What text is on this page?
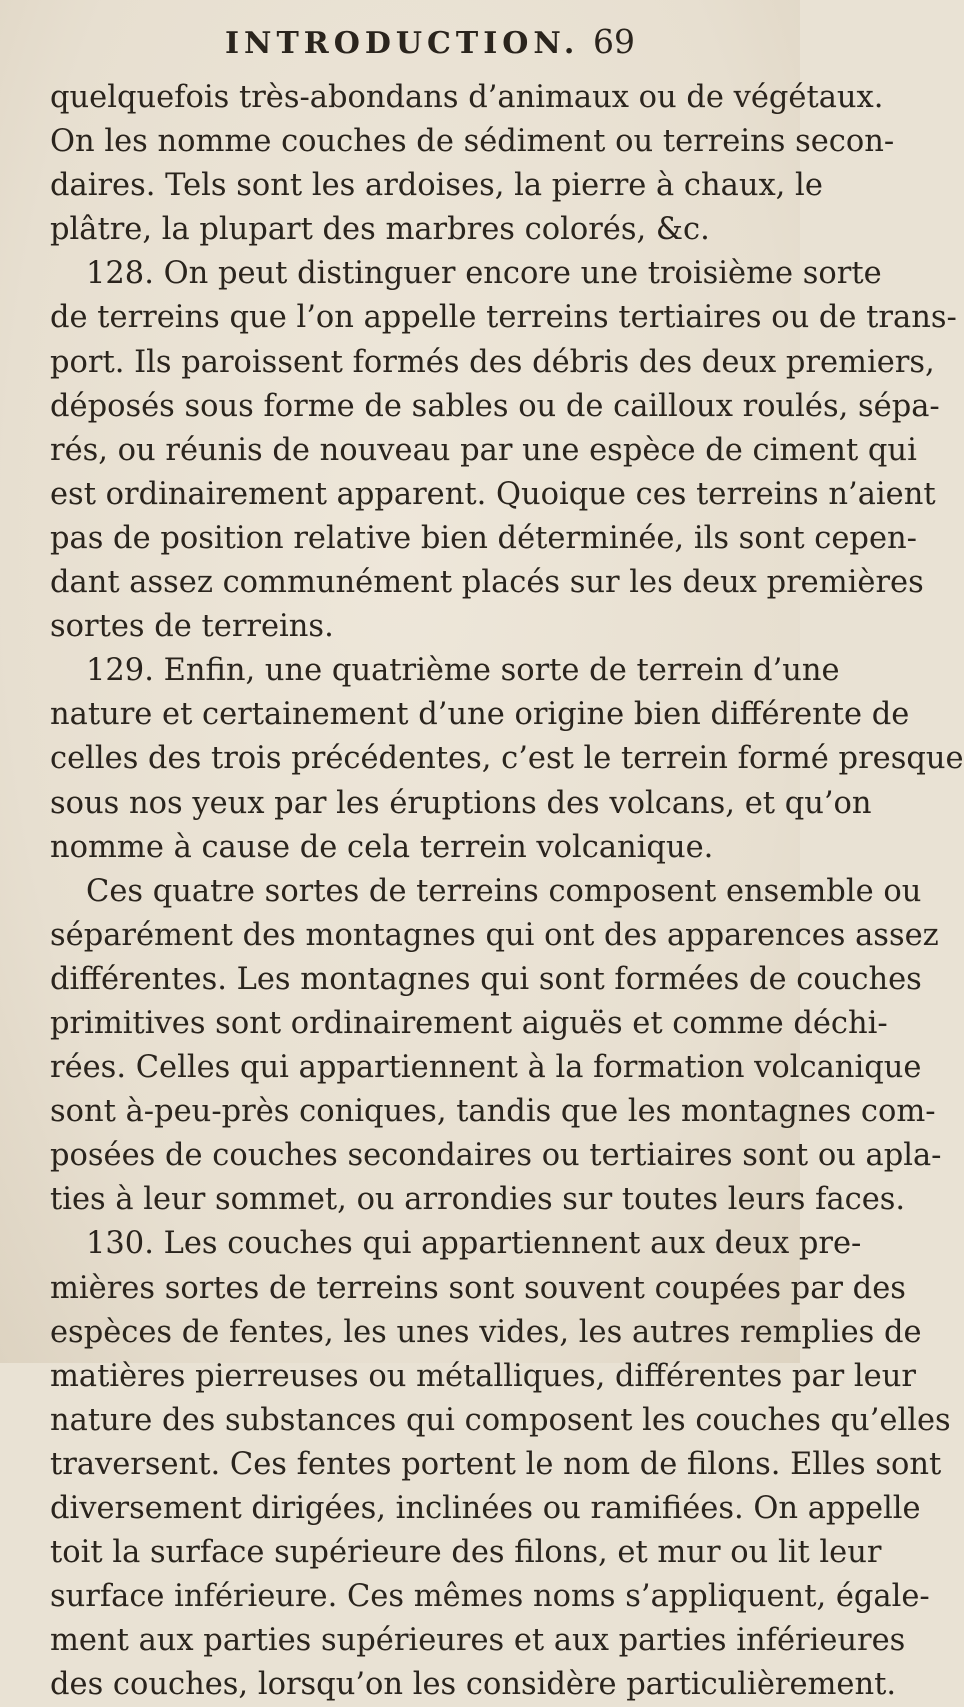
INTRODUCTION. 69
quelquefois très-abondans d’animaux ou de végétaux.
On les nomme couches de sédiment ou terreins secon-
daires. Tels sont les ardoises, la pierre à chaux, le
plâtre, la plupart des marbres colorés, &c.
128. On peut distinguer encore une troisième sorte
de terreins que l’on appelle terreins tertiaires ou de trans-
port. Ils paroissent formés des débris des deux premiers,
déposés sous forme de sables ou de cailloux roulés, sépa-
rés, ou réunis de nouveau par une espèce de ciment qui
est ordinairement apparent. Quoique ces terreins n’aient
pas de position relative bien déterminée, ils sont cepen-
dant assez communément placés sur les deux premières
sortes de terreins.
129. Enfin, une quatrième sorte de terrein d’une
nature et certainement d’une origine bien différente de
celles des trois précédentes, c’est le terrein formé presque
sous nos yeux par les éruptions des volcans, et qu’on
nomme à cause de cela terrein volcanique.
Ces quatre sortes de terreins composent ensemble ou
séparément des montagnes qui ont des apparences assez
différentes. Les montagnes qui sont formées de couches
primitives sont ordinairement aiguës et comme déchi-
rées. Celles qui appartiennent à la formation volcanique
sont à-peu-près coniques, tandis que les montagnes com-
posées de couches secondaires ou tertiaires sont ou apla-
ties à leur sommet, ou arrondies sur toutes leurs faces.
130. Les couches qui appartiennent aux deux pre-
mières sortes de terreins sont souvent coupées par des
espèces de fentes, les unes vides, les autres remplies de
matières pierreuses ou métalliques, différentes par leur
nature des substances qui composent les couches qu’elles
traversent. Ces fentes portent le nom de filons. Elles sont
diversement dirigées, inclinées ou ramifiées. On appelle
toit la surface supérieure des filons, et mur ou lit leur
surface inférieure. Ces mêmes noms s’appliquent, égale-
ment aux parties supérieures et aux parties inférieures
des couches, lorsqu’on les considère particulièrement.
